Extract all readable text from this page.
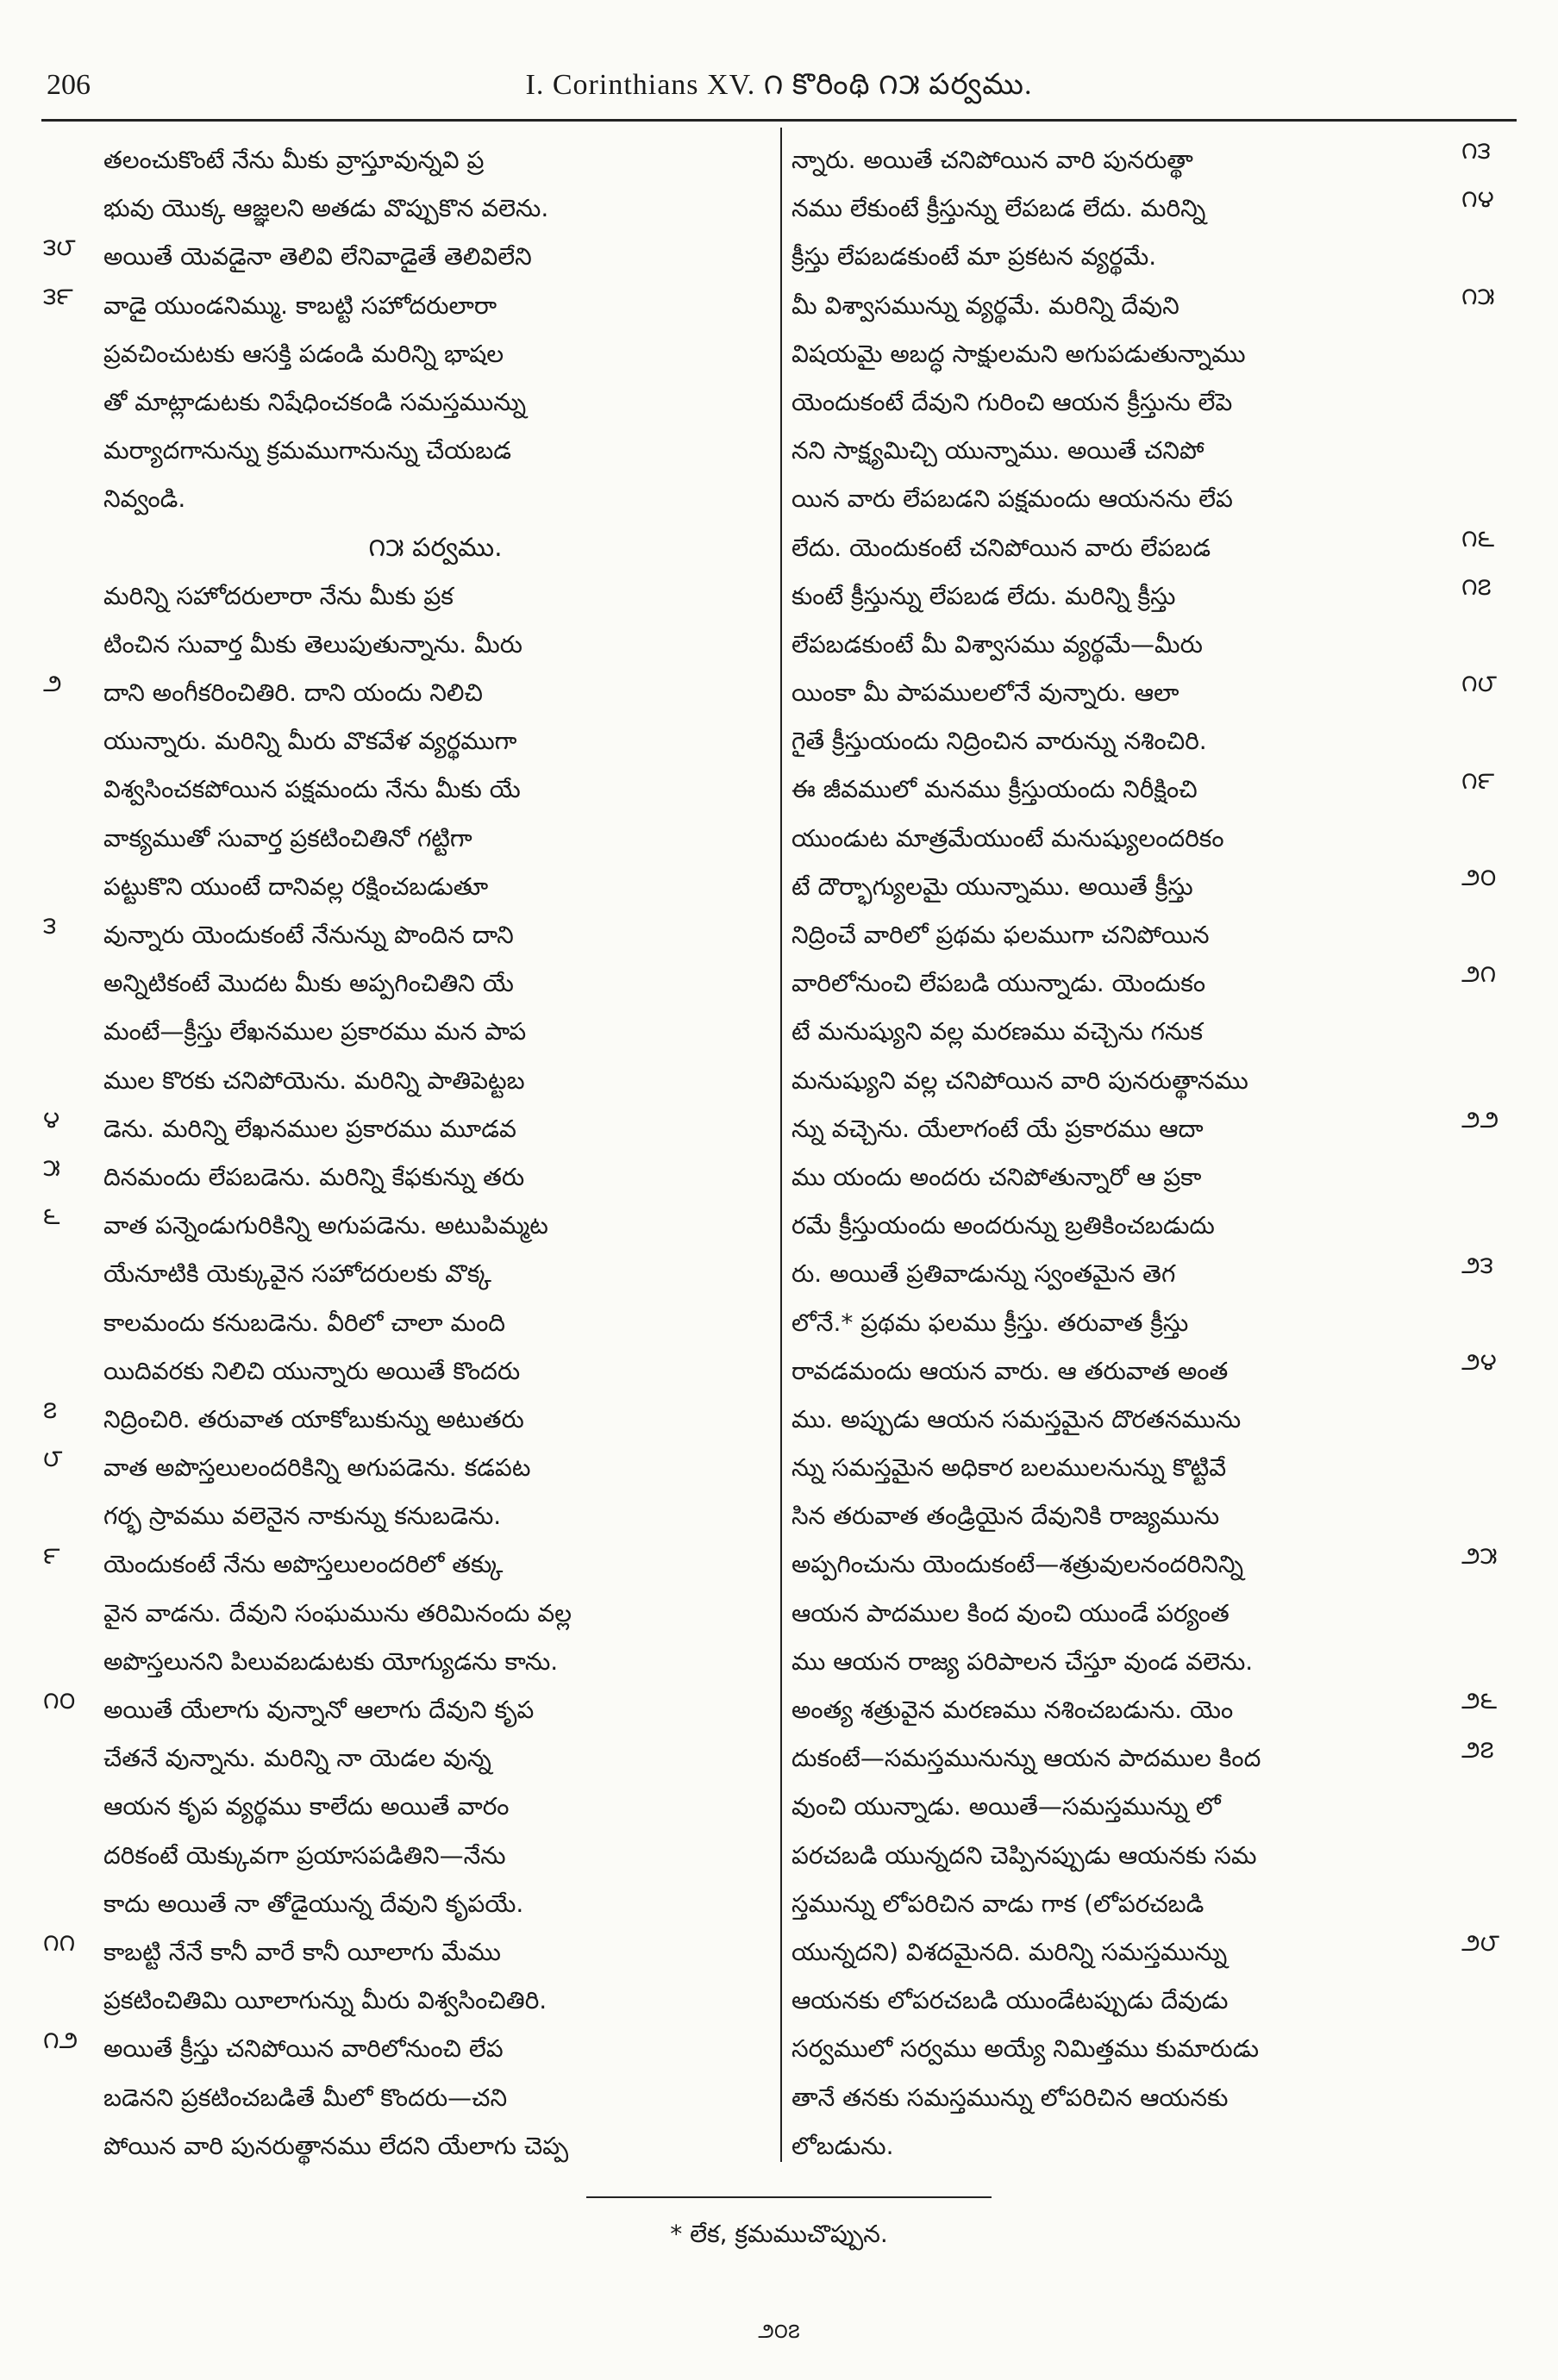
206	I. Corinthians XV. ౧ కొరింథి ౧౫ పర్వము.
తలంచుకొంటే నేను మీకు వ్రాస్తూవున్నవి ప్ర
భువు యొక్క ఆజ్ఞలని అతడు వొప్పుకొన వలెను.
అయితే యెవడైనా తెలివి లేనివాడైతే తెలివిలేని
వాడై యుండనిమ్ము. కాబట్టి సహోదరులారా
ప్రవచించుటకు ఆసక్తి పడండి మరిన్ని భాషల
తో మాట్లాడుటకు నిషేధించకండి సమస్తమున్ను
మర్యాదగానున్ను క్రమముగానున్ను చేయబడ
నివ్వండి.
౧౫ పర్వము.
మరిన్ని సహోదరులారా నేను మీకు ప్రక
టించిన సువార్త మీకు తెలుపుతున్నాను. మీరు
దాని అంగీకరించితిరి. దాని యందు నిలిచి
యున్నారు. మరిన్ని మీరు వొకవేళ వ్యర్థముగా
విశ్వసించకపోయిన పక్షమందు నేను మీకు యే
వాక్యముతో సువార్త ప్రకటించితినో గట్టిగా
పట్టుకొని యుంటే దానివల్ల రక్షించబడుతూ
వున్నారు యెందుకంటే నేనున్ను పొందిన దాని
అన్నిటికంటే మొదట మీకు అప్పగించితిని యే
మంటే—క్రీస్తు లేఖనముల ప్రకారము మన పాప
ముల కొరకు చనిపోయెను. మరిన్ని పాతిపెట్టబ
డెను. మరిన్ని లేఖనముల ప్రకారము మూడవ
దినమందు లేపబడెను. మరిన్ని కేఫకున్ను తరు
వాత పన్నెండుగురికిన్ని అగుపడెను. అటుపిమ్మట
యేనూటికి యెక్కువైన సహోదరులకు వొక్క
కాలమందు కనుబడెను. వీరిలో చాలా మంది
యిదివరకు నిలిచి యున్నారు అయితే కొందరు
నిద్రించిరి. తరువాత యాకోబుకున్ను అటుతరు
వాత అపొస్తలులందరికిన్ని అగుపడెను. కడపట
గర్భ స్రావము వలెనైన నాకున్ను కనుబడెను.
యెందుకంటే నేను అపొస్తలులందరిలో తక్కు
వైన వాడను. దేవుని సంఘమును తరిమినందు వల్ల
అపొస్తలునని పిలువబడుటకు యోగ్యుడను కాను.
అయితే యేలాగు వున్నానో ఆలాగు దేవుని కృప
చేతనే వున్నాను. మరిన్ని నా యెడల వున్న
ఆయన కృప వ్యర్థము కాలేదు అయితే వారం
దరికంటే యెక్కువగా ప్రయాసపడితిని—నేను
కాదు అయితే నా తోడైయున్న దేవుని కృపయే.
కాబట్టి నేనే కానీ వారే కానీ యీలాగు మేము
ప్రకటించితిమి యీలాగున్ను మీరు విశ్వసించితిరి.
అయితే క్రీస్తు చనిపోయిన వారిలోనుంచి లేప
బడెనని ప్రకటించబడితే మీలో కొందరు—చని
పోయిన వారి పునరుత్థానము లేదని యేలాగు చెప్ప
న్నారు. అయితే చనిపోయిన వారి పునరుత్థా
నము లేకుంటే క్రీస్తున్ను లేపబడ లేదు. మరిన్ని
క్రీస్తు లేపబడకుంటే మా ప్రకటన వ్యర్థమే.
మీ విశ్వాసమున్ను వ్యర్థమే. మరిన్ని దేవుని
విషయమై అబద్ధ సాక్షులమని అగుపడుతున్నాము
యెందుకంటే దేవుని గురించి ఆయన క్రీస్తును లేపె
నని సాక్ష్యమిచ్చి యున్నాము. అయితే చనిపో
యిన వారు లేపబడని పక్షమందు ఆయనను లేప
లేదు. యెందుకంటే చనిపోయిన వారు లేపబడ
కుంటే క్రీస్తున్ను లేపబడ లేదు. మరిన్ని క్రీస్తు
లేపబడకుంటే మీ విశ్వాసము వ్యర్థమే—మీరు
యింకా మీ పాపములలోనే వున్నారు. ఆలా
గైతే క్రీస్తుయందు నిద్రించిన వారున్ను నశించిరి.
ఈ జీవములో మనము క్రీస్తుయందు నిరీక్షించి
యుండుట మాత్రమేయుంటే మనుష్యులందరికం
టే దౌర్భాగ్యులమై యున్నాము. అయితే క్రీస్తు
నిద్రించే వారిలో ప్రథమ ఫలముగా చనిపోయిన
వారిలోనుంచి లేపబడి యున్నాడు. యెందుకం
టే మనుష్యుని వల్ల మరణము వచ్చెను గనుక
మనుష్యుని వల్ల చనిపోయిన వారి పునరుత్థానము
న్ను వచ్చెను. యేలాగంటే యే ప్రకారము ఆదా
ము యందు అందరు చనిపోతున్నారో ఆ ప్రకా
రమే క్రీస్తుయందు అందరున్ను బ్రతికించబడుదు
రు. అయితే ప్రతివాడున్ను స్వంతమైన తెగ
లోనే.* ప్రథమ ఫలము క్రీస్తు. తరువాత క్రీస్తు
రావడమందు ఆయన వారు. ఆ తరువాత అంత
ము. అప్పుడు ఆయన సమస్తమైన దొరతనమును
న్ను సమస్తమైన అధికార బలములనున్ను కొట్టివే
సిన తరువాత తండ్రియైన దేవునికి రాజ్యమును
అప్పగించును యెందుకంటే—శత్రువులనందరినిన్ని
ఆయన పాదముల కింద వుంచి యుండే పర్యంత
ము ఆయన రాజ్య పరిపాలన చేస్తూ వుండ వలెను.
అంత్య శత్రువైన మరణము నశించబడును. యెం
దుకంటే—సమస్తమునున్ను ఆయన పాదముల కింద
వుంచి యున్నాడు. అయితే—సమస్తమున్ను లో
పరచబడి యున్నదని చెప్పినప్పుడు ఆయనకు సమ
స్తమున్ను లోపరిచిన వాడు గాక (లోపరచబడి
యున్నదని) విశదమైనది. మరిన్ని సమస్తమున్ను
ఆయనకు లోపరచబడి యుండేటప్పుడు దేవుడు
సర్వములో సర్వము అయ్యే నిమిత్తము కుమారుడు
తానే తనకు సమస్తమున్ను లోపరిచిన ఆయనకు
లోబడును.
౩౮
౩౯
౨
౩
౪
౫
౬
౭
౮
౯
౧౦
౧౧
౧౨
౧౩
౧౪
౧౫
౧౬
౧౭
౧౮
౧౯
౨౦
౨౧
౨౨
౨౩
౨౪
౨౫
౨౬
౨౭
౨౮
* లేక, క్రమముచొప్పున.
౨౦౭
